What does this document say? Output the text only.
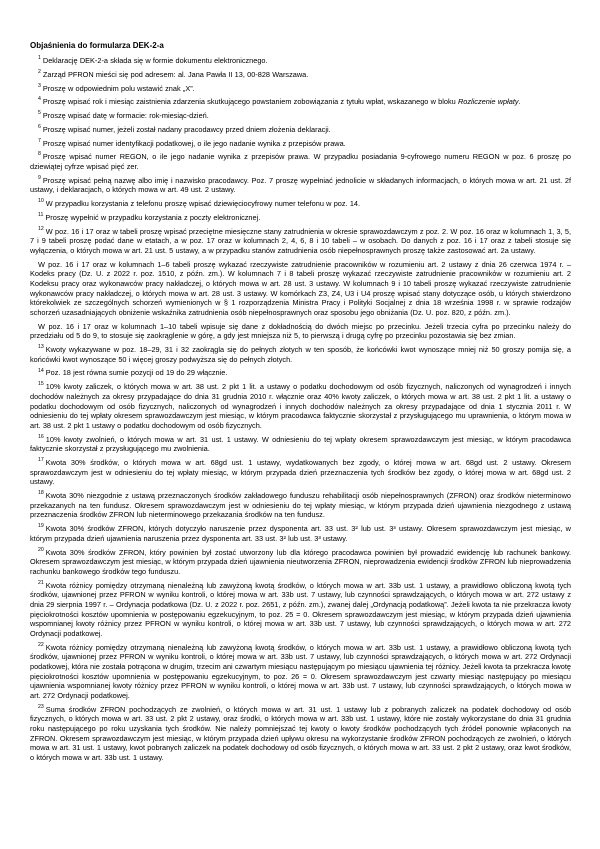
Objaśnienia do formularza DEK-2-a

$^1$ Deklarację DEK-2-a składa się w formie dokumentu elektronicznego.

$^2$ Zarząd PFRON mieści się pod adresem: al. Jana Pawła II 13, 00-828 Warszawa.

$^3$ Proszę w odpowiednim polu wstawić znak „X”.

$^4$ Proszę wpisać rok i miesiąc zaistnienia zdarzenia skutkującego powstaniem zobowiązania z tytułu wpłat, wskazanego w bloku Rozliczenie wpłaty.

$^5$ Proszę wpisać datę w formacie: rok-miesiąc-dzień.

$^6$ Proszę wpisać numer, jeżeli został nadany pracodawcy przed dniem złożenia deklaracji.

$^7$ Proszę wpisać numer identyfikacji podatkowej, o ile jego nadanie wynika z przepisów prawa.

$^8$ Proszę wpisać numer REGON, o ile jego nadanie wynika z przepisów prawa. W przypadku posiadania 9-cyfrowego numeru REGON w poz. 6 proszę po dziewiątej cyfrze wpisać pięć zer.

$^9$ Proszę wpisać pełną nazwę albo imię i nazwisko pracodawcy. Poz. 7 proszę wypełniać jednolicie w składanych informacjach, o których mowa w art. 21 ust. 2f ustawy, i deklaracjach, o których mowa w art. 49 ust. 2 ustawy.

$^{10}$ W przypadku korzystania z telefonu proszę wpisać dziewięciocyfrowy numer telefonu w poz. 14.

$^{11}$ Proszę wypełnić w przypadku korzystania z poczty elektronicznej.

$^{12}$ W poz. 16 i 17 oraz w tabeli proszę wpisać przeciętne miesięczne stany zatrudnienia w okresie sprawozdawczym z poz. 2. W poz. 16 oraz w kolumnach 1, 3, 5, 7 i 9 tabeli proszę podać dane w etatach, a w poz. 17 oraz w kolumnach 2, 4, 6, 8 i 10 tabeli – w osobach. Do danych z poz. 16 i 17 oraz z tabeli stosuje się wyłączenia, o których mowa w art. 21 ust. 5 ustawy, a w przypadku stanów zatrudnienia osób niepełnosprawnych proszę także zastosować art. 2a ustawy.

W poz. 16 i 17 oraz w kolumnach 1–6 tabeli proszę wykazać rzeczywiste zatrudnienie pracowników w rozumieniu art. 2 ustawy z dnia 26 czerwca 1974 r. – Kodeks pracy (Dz. U. z 2022 r. poz. 1510, z późn. zm.). W kolumnach 7 i 8 tabeli proszę wykazać rzeczywiste zatrudnienie pracowników w rozumieniu art. 2 Kodeksu pracy oraz wykonawców pracy nakładczej, o których mowa w art. 28 ust. 3 ustawy. W kolumnach 9 i 10 tabeli proszę wykazać rzeczywiste zatrudnienie wykonawców pracy nakładczej, o których mowa w art. 28 ust. 3 ustawy. W komórkach Z3, Z4, U3 i U4 proszę wpisać stany dotyczące osób, u których stwierdzono którekolwiek ze szczególnych schorzeń wymienionych w § 1 rozporządzenia Ministra Pracy i Polityki Socjalnej z dnia 18 września 1998 r. w sprawie rodzajów schorzeń uzasadniających obniżenie wskaźnika zatrudnienia osób niepełnosprawnych oraz sposobu jego obniżania (Dz. U. poz. 820, z późn. zm.).

W poz. 16 i 17 oraz w kolumnach 1–10 tabeli wpisuje się dane z dokładnością do dwóch miejsc po przecinku. Jeżeli trzecia cyfra po przecinku należy do przedziału od 5 do 9, to stosuje się zaokrąglenie w górę, a gdy jest mniejsza niż 5, to pierwszą i drugą cyfrę po przecinku pozostawia się bez zmian.

$^{13}$ Kwoty wykazywane w poz. 18–29, 31 i 32 zaokrągla się do pełnych złotych w ten sposób, że końcówki kwot wynoszące mniej niż 50 groszy pomija się, a końcówki kwot wynoszące 50 i więcej groszy podwyższa się do pełnych złotych.

$^{14}$ Poz. 18 jest równa sumie pozycji od 19 do 29 włącznie.

$^{15}$ 10% kwoty zaliczek, o których mowa w art. 38 ust. 2 pkt 1 lit. a ustawy o podatku dochodowym od osób fizycznych, naliczonych od wynagrodzeń i innych dochodów należnych za okresy przypadające do dnia 31 grudnia 2010 r. włącznie oraz 40% kwoty zaliczek, o których mowa w art. 38 ust. 2 pkt 1 lit. a ustawy o podatku dochodowym od osób fizycznych, naliczonych od wynagrodzeń i innych dochodów należnych za okresy przypadające od dnia 1 stycznia 2011 r. W odniesieniu do tej wpłaty okresem sprawozdawczym jest miesiąc, w którym pracodawca faktycznie skorzystał z przysługującego mu uprawnienia, o którym mowa w art. 38 ust. 2 pkt 1 ustawy o podatku dochodowym od osób fizycznych.

$^{16}$ 10% kwoty zwolnień, o których mowa w art. 31 ust. 1 ustawy. W odniesieniu do tej wpłaty okresem sprawozdawczym jest miesiąc, w którym pracodawca faktycznie skorzystał z przysługującego mu zwolnienia.

$^{17}$ Kwota 30% środków, o których mowa w art. 68gd ust. 1 ustawy, wydatkowanych bez zgody, o której mowa w art. 68gd ust. 2 ustawy. Okresem sprawozdawczym jest w odniesieniu do tej wpłaty miesiąc, w którym przypada dzień przeznaczenia tych środków bez zgody, o której mowa w art. 68gd ust. 2 ustawy.

$^{18}$ Kwota 30% niezgodnie z ustawą przeznaczonych środków zakładowego funduszu rehabilitacji osób niepełnosprawnych (ZFRON) oraz środków nieterminowo przekazanych na ten fundusz. Okresem sprawozdawczym jest w odniesieniu do tej wpłaty miesiąc, w którym przypada dzień ujawnienia niezgodnego z ustawą przeznaczenia środków ZFRON lub nieterminowego przekazania środków na ten fundusz.

$^{19}$ Kwota 30% środków ZFRON, których dotyczyło naruszenie przez dysponenta art. 33 ust. 3² lub ust. 3³ ustawy. Okresem sprawozdawczym jest miesiąc, w którym przypada dzień ujawnienia naruszenia przez dysponenta art. 33 ust. 3² lub ust. 3³ ustawy.

$^{20}$ Kwota 30% środków ZFRON, który powinien był zostać utworzony lub dla którego pracodawca powinien był prowadzić ewidencję lub rachunek bankowy. Okresem sprawozdawczym jest miesiąc, w którym przypada dzień ujawnienia nieutworzenia ZFRON, nieprowadzenia ewidencji środków ZFRON lub nieprowadzenia rachunku bankowego środków tego funduszu.

$^{21}$ Kwota różnicy pomiędzy otrzymaną nienależną lub zawyżoną kwotą środków, o których mowa w art. 33b ust. 1 ustawy, a prawidłowo obliczoną kwotą tych środków, ujawnionej przez PFRON w wyniku kontroli, o której mowa w art. 33b ust. 7 ustawy, lub czynności sprawdzających, o których mowa w art. 272 ustawy z dnia 29 sierpnia 1997 r. – Ordynacja podatkowa (Dz. U. z 2022 r. poz. 2651, z późn. zm.), zwanej dalej „Ordynacją podatkową”. Jeżeli kwota ta nie przekracza kwoty pięciokrotności kosztów upomnienia w postępowaniu egzekucyjnym, to poz. 25 = 0. Okresem sprawozdawczym jest miesiąc, w którym przypada dzień ujawnienia wspomnianej kwoty różnicy przez PFRON w wyniku kontroli, o której mowa w art. 33b ust. 7 ustawy, lub czynności sprawdzających, o których mowa w art. 272 Ordynacji podatkowej.

$^{22}$ Kwota różnicy pomiędzy otrzymaną nienależną lub zawyżoną kwotą środków, o których mowa w art. 33b ust. 1 ustawy, a prawidłowo obliczoną kwotą tych środków, ujawnionej przez PFRON w wyniku kontroli, o której mowa w art. 33b ust. 7 ustawy, lub czynności sprawdzających, o których mowa w art. 272 Ordynacji podatkowej, która nie została potrącona w drugim, trzecim ani czwartym miesiącu następującym po miesiącu ujawnienia tej różnicy. Jeżeli kwota ta przekracza kwotę pięciokrotności kosztów upomnienia w postępowaniu egzekucyjnym, to poz. 26 = 0. Okresem sprawozdawczym jest czwarty miesiąc następujący po miesiącu ujawnienia wspomnianej kwoty różnicy przez PFRON w wyniku kontroli, o której mowa w art. 33b ust. 7 ustawy, lub czynności sprawdzających, o których mowa w art. 272 Ordynacji podatkowej.

$^{23}$ Suma środków ZFRON pochodzących ze zwolnień, o których mowa w art. 31 ust. 1 ustawy lub z pobranych zaliczek na podatek dochodowy od osób fizycznych, o których mowa w art. 33 ust. 2 pkt 2 ustawy, oraz środki, o których mowa w art. 33b ust. 1 ustawy, które nie zostały wykorzystane do dnia 31 grudnia roku następującego po roku uzyskania tych środków. Nie należy pomniejszać tej kwoty o kwoty środków pochodzących tych źródeł ponownie wpłaconych na ZFRON. Okresem sprawozdawczym jest miesiąc, w którym przypada dzień upływu okresu na wykorzystanie środków ZFRON pochodzących ze zwolnień, o których mowa w art. 31 ust. 1 ustawy, kwot pobranych zaliczek na podatek dochodowy od osób fizycznych, o których mowa w art. 33 ust. 2 pkt 2 ustawy, oraz kwot środków, o których mowa w art. 33b ust. 1 ustawy.
